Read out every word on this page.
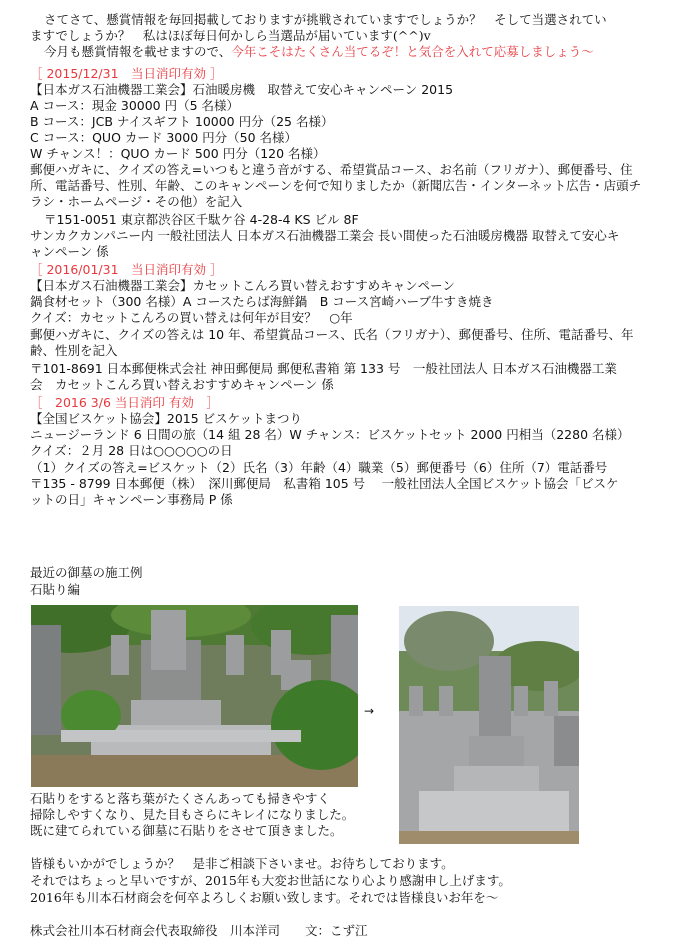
さてさて、懸賞情報を毎回掲載しておりますが挑戦されていますでしょうか？　そして当選されてい

ますでしょうか？　私はほぼ毎日何かしら当選品が届いています(^^)v

今月も懸賞情報を載せますので、今年こそはたくさん当てるぞ！と気合を入れて応募しましょう〜

［ 2015/12/31　当日消印有効 ］

【日本ガス石油機器工業会】石油暖房機　取替えて安心キャンペーン 2015

A コース：現金 30000 円（5 名様）

B コース：JCB ナイスギフト 10000 円分（25 名様）

C コース：QUO カード 3000 円分（50 名様）

W チャンス！：QUO カード 500 円分（120 名様）

郵便ハガキに、クイズの答え=いつもと違う音がする、希望賞品コース、お名前（フリガナ）、郵便番号、住

所、電話番号、性別、年齢、このキャンペーンを何で知りましたか（新聞広告・インターネット広告・店頭チ

ラシ・ホームページ・その他）を記入

〒151-0051 東京都渋谷区千駄ケ谷 4-28-4 KS ビル 8F

サンカクカンパニー内 一般社団法人 日本ガス石油機器工業会 長い間使った石油暖房機器 取替えて安心キ

ャンペーン 係

［ 2016/01/31　当日消印有効 ］

【日本ガス石油機器工業会】カセットこんろ買い替えおすすめキャンペーン

鍋食材セット（300 名様）A コースたらば海鮮鍋　B コース宮崎ハーブ牛すき焼き

クイズ：カセットこんろの買い替えは何年が目安？　○年

郵便ハガキに、クイズの答えは 10 年、希望賞品コース、氏名（フリガナ）、郵便番号、住所、電話番号、年

齢、性別を記入

〒101-8691 日本郵便株式会社 神田郵便局 郵便私書箱 第 133 号　一般社団法人 日本ガス石油機器工業

会　カセットこんろ買い替えおすすめキャンペーン 係

［　2016 3/6 当日消印 有効　］

【全国ビスケット協会】2015 ビスケットまつり

ニュージーランド 6 日間の旅（14 組 28 名）W チャンス：ビスケットセット 2000 円相当（2280 名様）

クイズ：２月 28 日は○○○○○の日

（1）クイズの答え=ビスケット（2）氏名（3）年齢（4）職業（5）郵便番号（6）住所（7）電話番号

〒135 - 8799 日本郵便（株）　深川郵便局　私書箱 105 号　 一般社団法人全国ビスケット協会「ビスケ

ットの日」キャンペーン事務局 P 係

最近の御墓の施工例

石貼り編

→

石貼りをすると落ち葉がたくさんあっても掃きやすく

掃除しやすくなり、見た目もさらにキレイになりました。

既に建てられている御墓に石貼りをさせて頂きました。

皆様もいかがでしょうか？　是非ご相談下さいませ。お待ちしております。

それではちょっと早いですが、2015年も大変お世話になり心より感謝申し上げます。

2016年も川本石材商会を何卒よろしくお願い致します。それでは皆様良いお年を〜

株式会社川本石材商会代表取締役　川本洋司　　文：こず江
